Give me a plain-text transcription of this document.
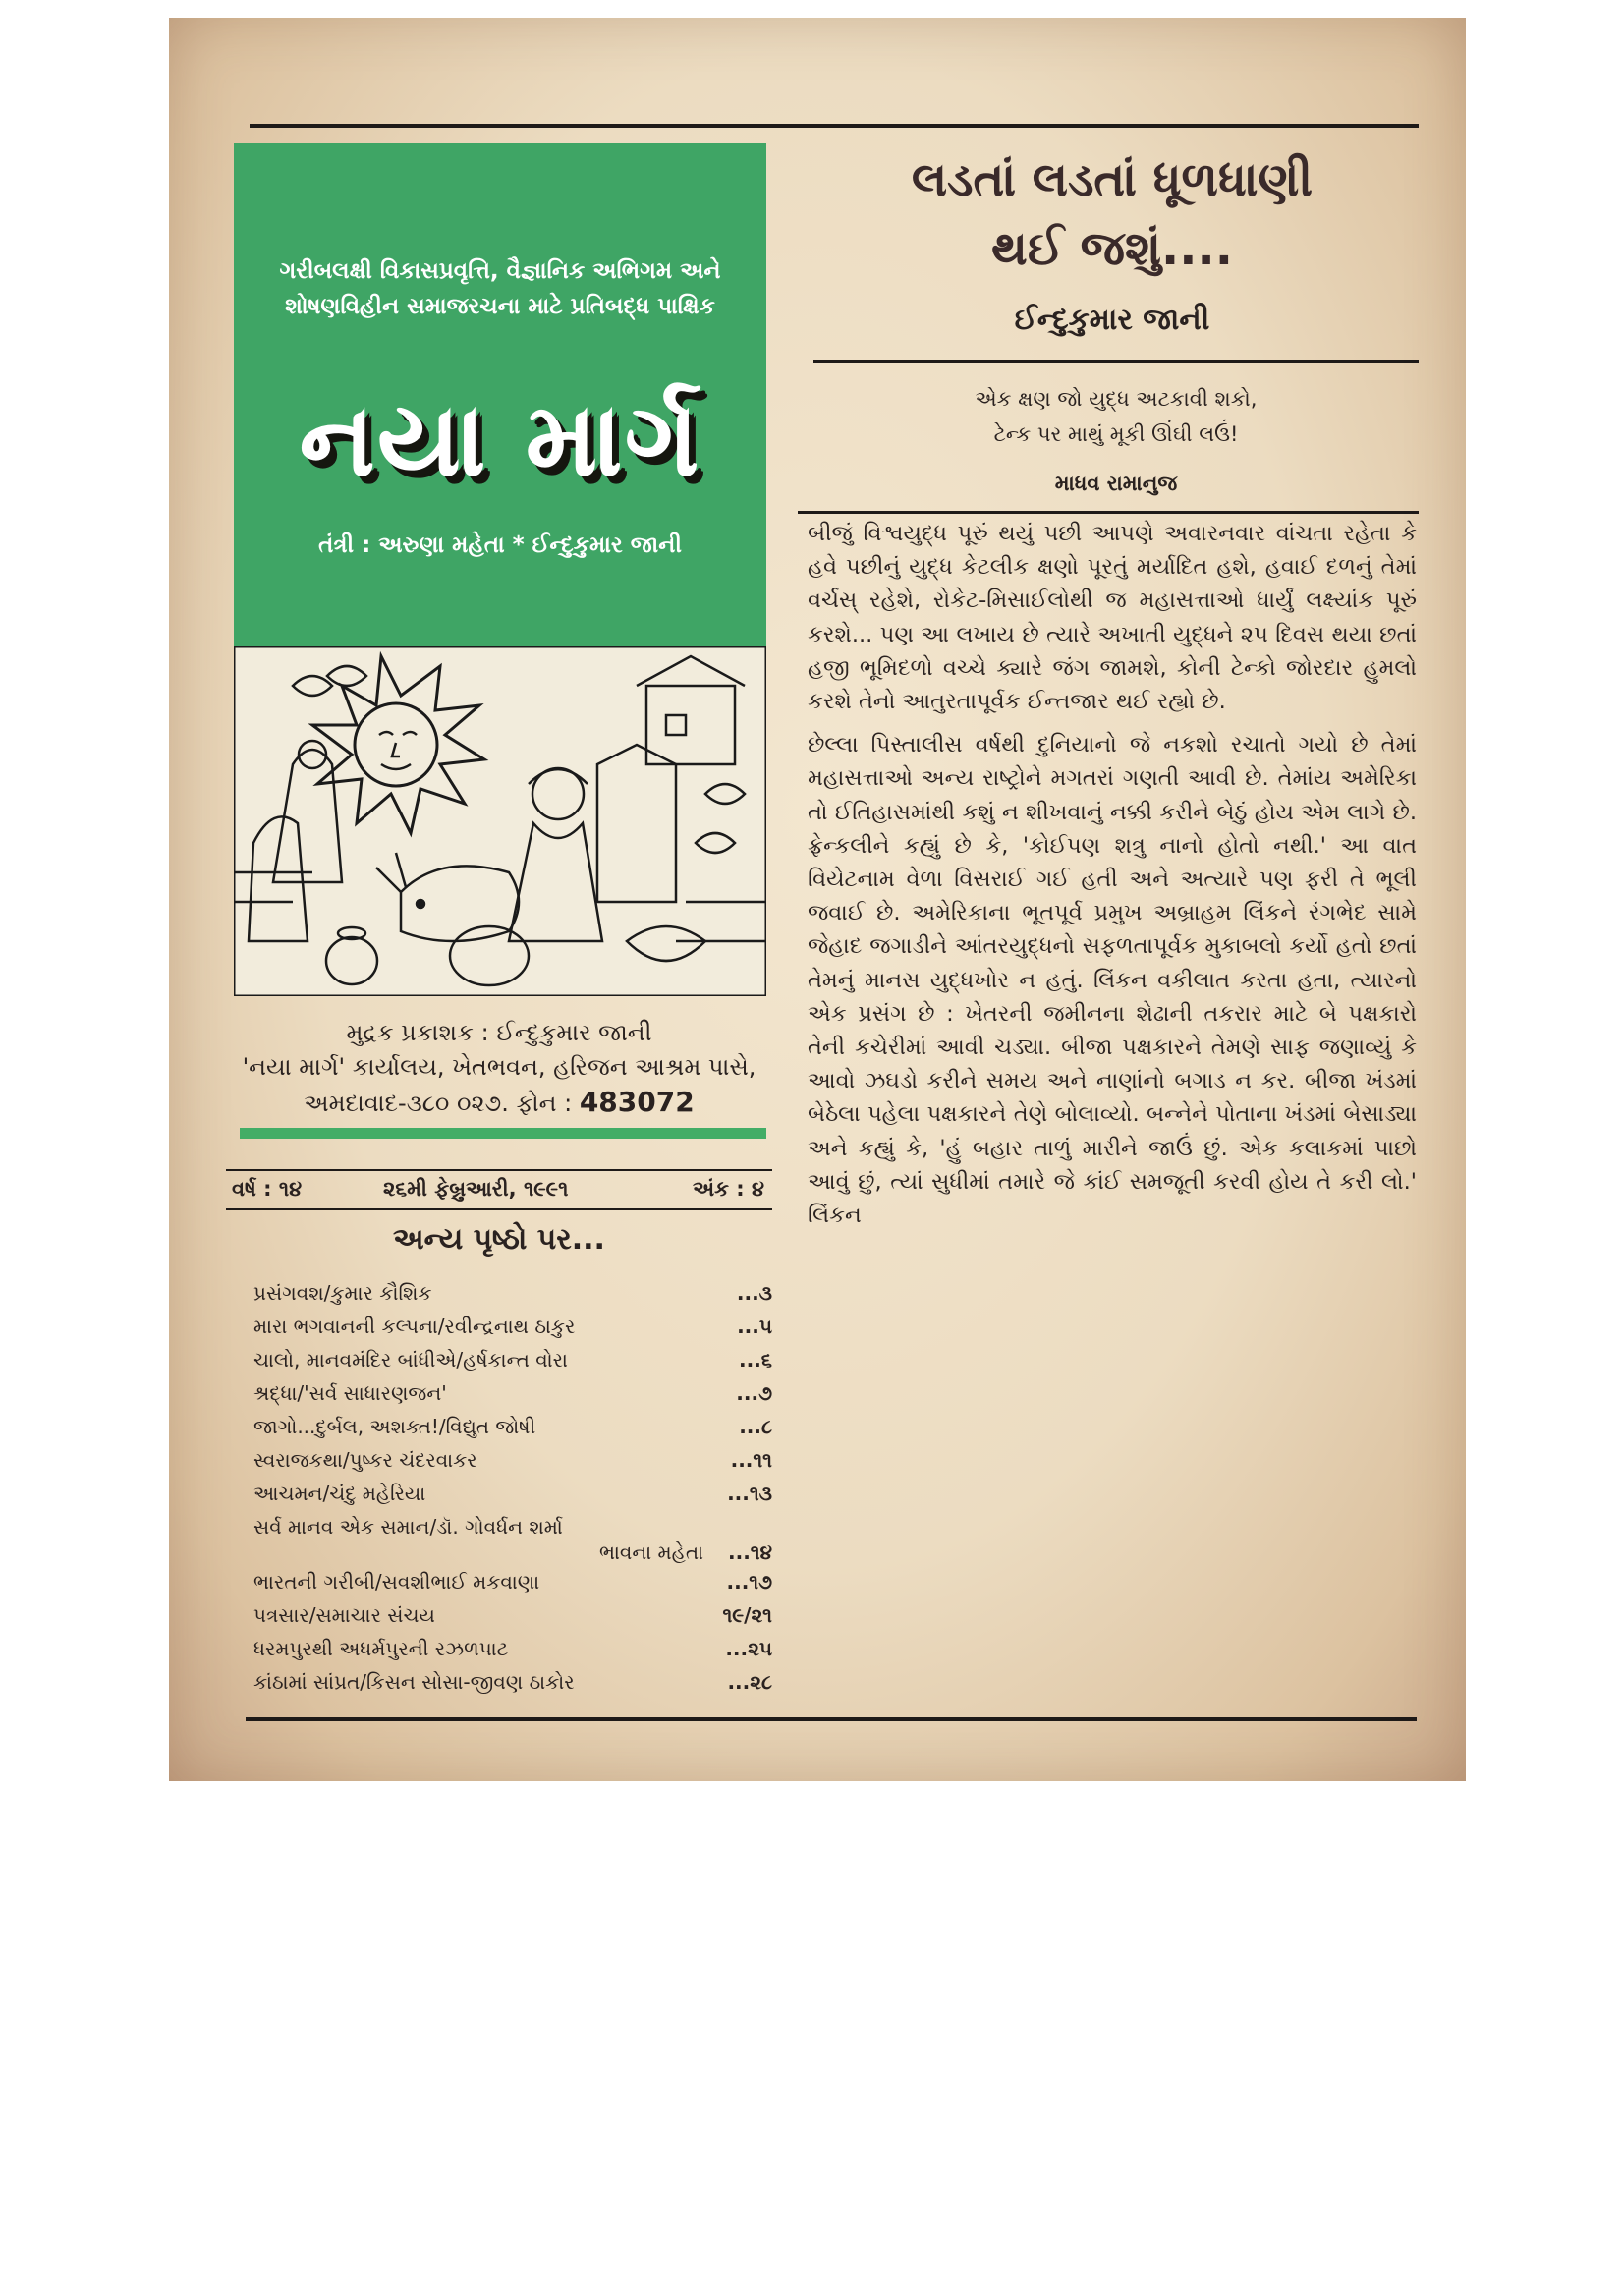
ગરીબલક્ષી વિકાસપ્રવૃત્તિ, વૈજ્ઞાનિક અભિગમ અને શોષણવિહીન સમાજરચના માટે પ્રતિબદ્ધ પાક્ષિક
નયા માર્ગ
તંત્રી : અરુણા મહેતા * ઈન્દુકુમાર જાની
મુદ્રક પ્રકાશક : ઈન્દુકુમાર જાની
'નયા માર્ગ' કાર્યાલય, ખેતભવન, હરિજન આશ્રમ પાસે,
અમદાવાદ-૩૮૦ ૦૨૭. ફોન : 483072
વર્ષ : ૧૪	૨૬મી ફેબ્રુઆરી, ૧૯૯૧	અંક : ૪
અન્ય પૃષ્ઠો પર...
પ્રસંગવશ/કુમાર કૌશિક	...૩
મારા ભગવાનની કલ્પના/રવીન્દ્રનાથ ઠાકુર	...૫
ચાલો, માનવમંદિર બાંધીએ/હર્ષકાન્ત વોરા	...૬
શ્રદ્ધા/'સર્વ સાધારણજન'	...૭
જાગો...દુર્બલ, અશક્ત!/વિદ્યુત જોષી	...૮
સ્વરાજકથા/પુષ્કર ચંદરવાકર	...૧૧
આચમન/ચંદુ મહેરિયા	...૧૩
સર્વ માનવ એક સમાન/ડૉ. ગોવર્ધન શર્મા
ભાવના મહેતા ...૧૪
ભારતની ગરીબી/સવશીભાઈ મકવાણા	...૧૭
પત્રસાર/સમાચાર સંચય	૧૯/૨૧
ધરમપુરથી અધર્મપુરની રઝળપાટ	...૨૫
કાંઠામાં સાંપ્રત/કિસન સોસા-જીવણ ઠાકોર	...૨૮
લડતાં લડતાં ધૂળધાણી
થઈ જશું....
ઈન્દુકુમાર જાની
એક ક્ષણ જો યુદ્ધ અટકાવી શકો,
ટેન્ક પર માથું મૂકી ઊંઘી લઉં!
માધવ રામાનુજ

બીજું વિશ્વયુદ્ધ પૂરું થયું પછી આપણે અવારનવાર વાંચતા રહેતા કે હવે પછીનું યુદ્ધ કેટલીક ક્ષણો પૂરતું મર્યાદિત હશે, હવાઈ દળનું તેમાં વર્ચસ્ રહેશે, રોકેટ-મિસાઈલોથી જ મહાસત્તાઓ ધાર્યું લક્ષ્યાંક પૂરું કરશે... પણ આ લખાય છે ત્યારે અખાતી યુદ્ધને ૨૫ દિવસ થયા છતાં હજી ભૂમિદળો વચ્ચે ક્યારે જંગ જામશે, કોની ટેન્કો જોરદાર હુમલો કરશે તેનો આતુરતાપૂર્વક ઈન્તજાર થઈ રહ્યો છે.

છેલ્લા પિસ્તાલીસ વર્ષથી દુનિયાનો જે નકશો રચાતો ગયો છે તેમાં મહાસત્તાઓ અન્ય રાષ્ટ્રોને મગતરાં ગણતી આવી છે. તેમાંય અમેરિકા તો ઈતિહાસમાંથી કશું ન શીખવાનું નક્કી કરીને બેઠું હોય એમ લાગે છે. ફ્રેન્કલીને કહ્યું છે કે, 'કોઈપણ શત્રુ નાનો હોતો નથી.' આ વાત વિયેટનામ વેળા વિસરાઈ ગઈ હતી અને અત્યારે પણ ફરી તે ભૂલી જવાઈ છે. અમેરિકાના ભૂતપૂર્વ પ્રમુખ અબ્રાહમ લિંકને રંગભેદ સામે જેહાદ જગાડીને આંતરયુદ્ધનો સફળતાપૂર્વક મુકાબલો કર્યો હતો છતાં તેમનું માનસ યુદ્ધખોર ન હતું. લિંકન વકીલાત કરતા હતા, ત્યારનો એક પ્રસંગ છે : ખેતરની જમીનના શેઢાની તકરાર માટે બે પક્ષકારો તેની કચેરીમાં આવી ચડ્યા. બીજા પક્ષકારને તેમણે સાફ જણાવ્યું કે આવો ઝઘડો કરીને સમય અને નાણાંનો બગાડ ન કર. બીજા ખંડમાં બેઠેલા પહેલા પક્ષકારને તેણે બોલાવ્યો. બન્નેને પોતાના ખંડમાં બેસાડ્યા અને કહ્યું કે, 'હું બહાર તાળું મારીને જાઉં છું. એક કલાકમાં પાછો આવું છું, ત્યાં સુધીમાં તમારે જે કાંઈ સમજૂતી કરવી હોય તે કરી લો.' લિંકન
